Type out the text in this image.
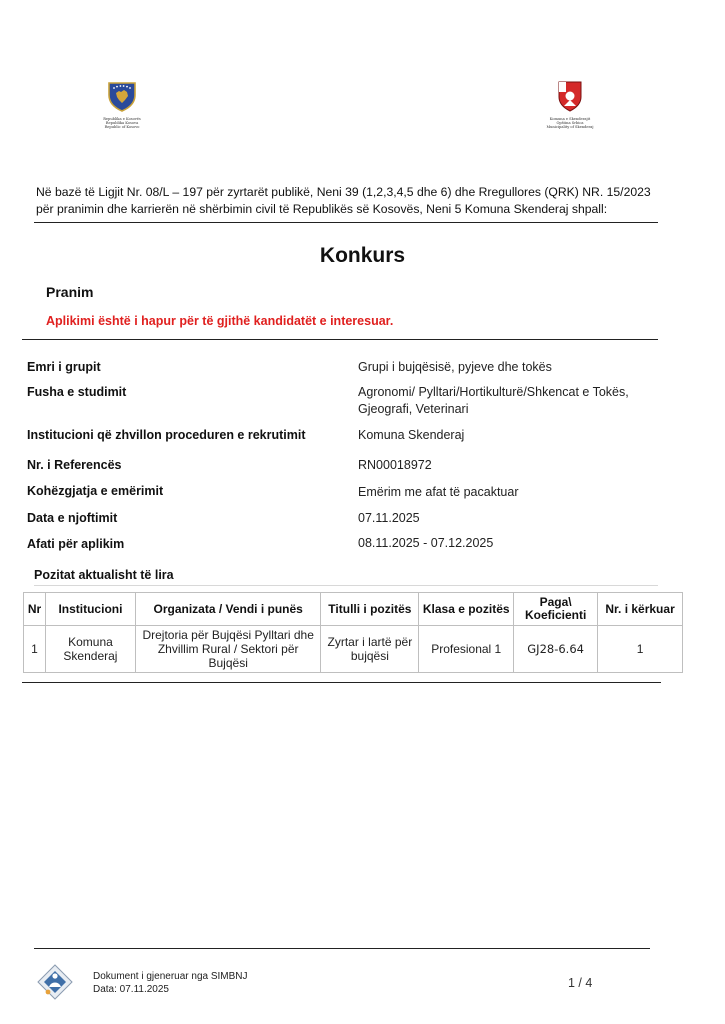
Republika e Kosovës
Republika Kosova
Republic of Kosovo
Komuna e Skenderajit
Opština Srbica
Municipality of Skenderaj
Në bazë të Ligjit Nr. 08/L – 197 për zyrtarët publikë, Neni 39 (1,2,3,4,5 dhe 6) dhe Rregullores (QRK) NR. 15/2023
për pranimin dhe karrierën në shërbimin civil të Republikës së Kosovës, Neni 5 Komuna Skenderaj shpall:
Konkurs
Pranim
Aplikimi është i hapur për të gjithë kandidatët e interesuar.
Emri i grupit	Grupi i bujqësisë, pyjeve dhe tokës
Fusha e studimit	Agronomi/ Pylltari/Hortikulturë/Shkencat e Tokës, Gjeografi, Veterinari
Institucioni që zhvillon proceduren e rekrutimit	Komuna Skenderaj
Nr. i Referencës	RN00018972
Kohëzgjatja e emërimit	Emërim me afat të pacaktuar
Data e njoftimit	07.11.2025
Afati për aplikim	08.11.2025 - 07.12.2025
Pozitat aktualisht të lira
Nr	Institucioni	Organizata / Vendi i punës	Titulli i pozitës	Klasa e pozitës	Paga\ Koeficienti	Nr. i kërkuar
1	Komuna Skenderaj	Drejtoria për Bujqësi Pylltari dhe Zhvillim Rural / Sektori për Bujqësi	Zyrtar i lartë për bujqësi	Profesional 1	GJ28-6.64	1
Dokument i gjeneruar nga SIMBNJ
Data: 07.11.2025	1 / 4
